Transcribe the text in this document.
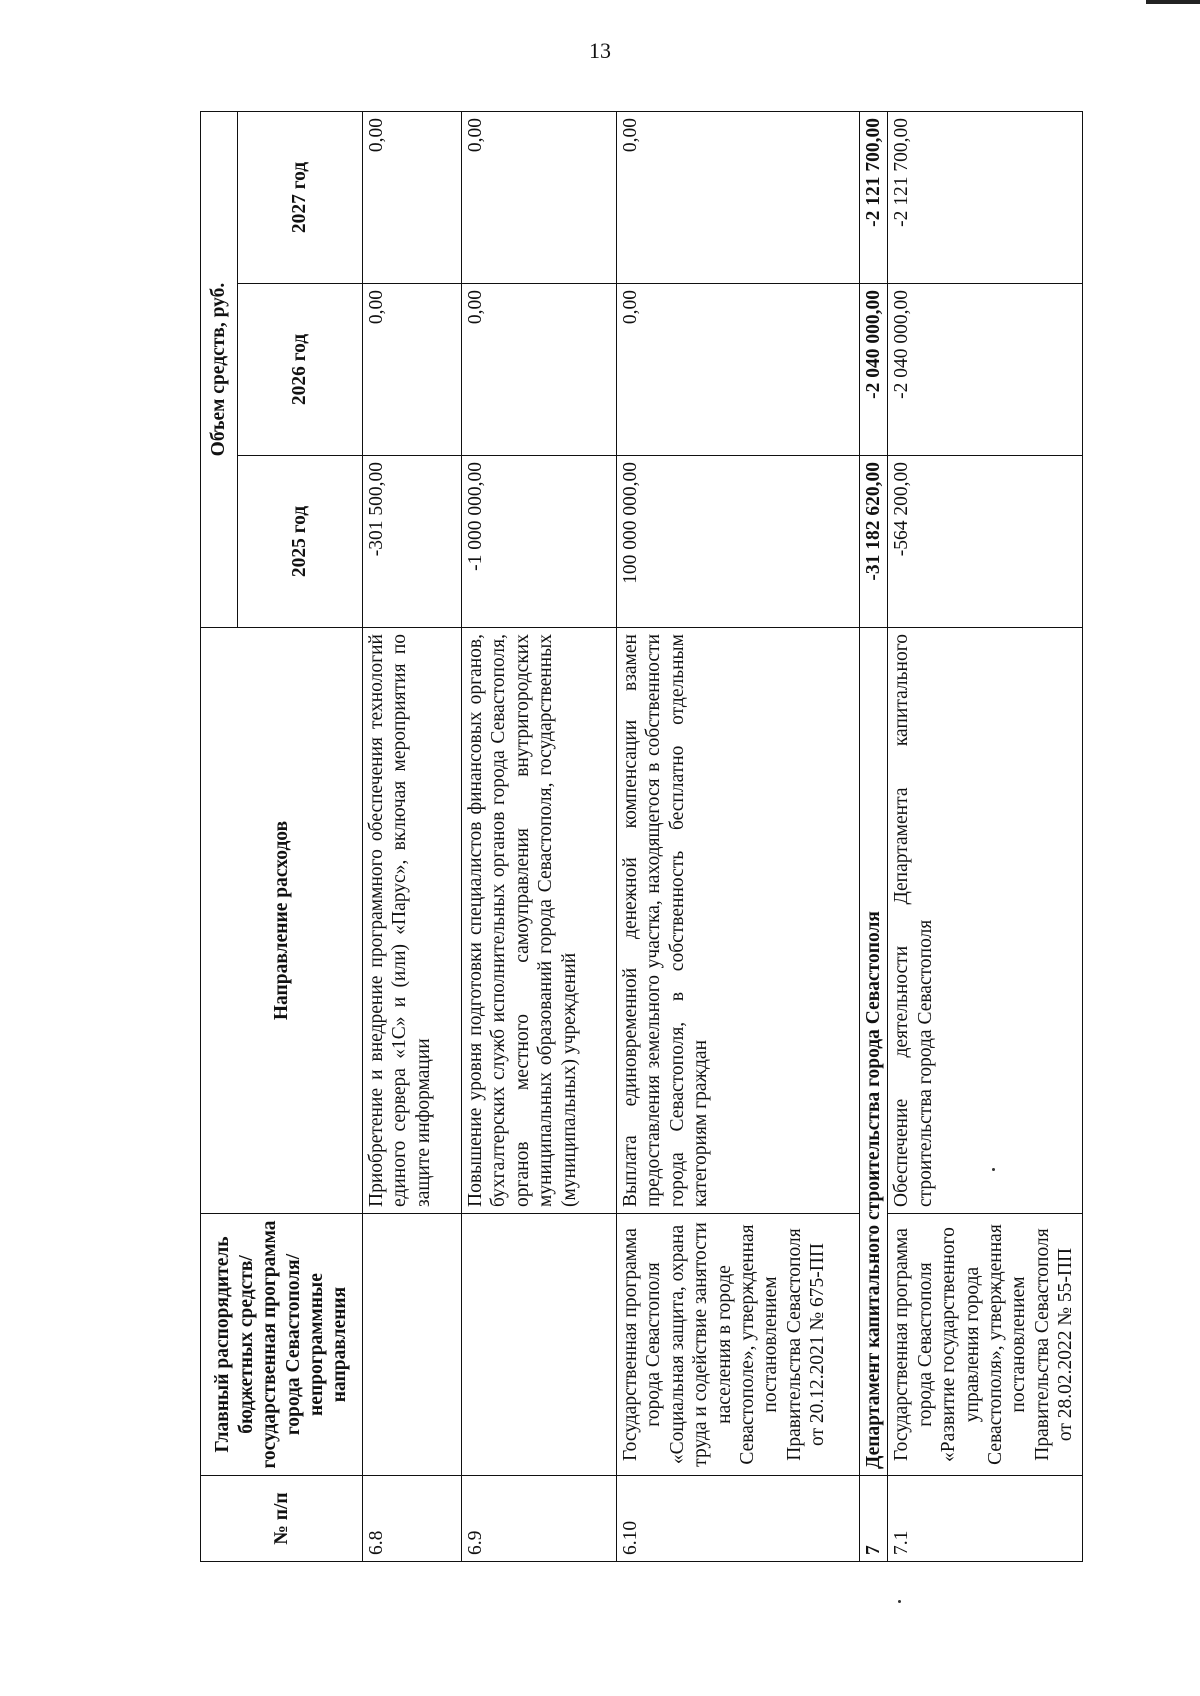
13
№ п/п	Главный распорядитель бюджетных средств/государственная программа города Севастополя/непрограммные направления	Направление расходов	Объем средств, руб.		
			2025 год	2026 год	2027 год
6.8		Приобретение и внедрение программного обеспечения технологий единого сервера «1С» и (или) «Парус», включая мероприятия по защите информации	-301 500,00	0,00	0,00
6.9		Повышение уровня подготовки специалистов финансовых органов, бухгалтерских служб исполнительных органов города Севастополя, органов местного самоуправления внутригородских муниципальных образований города Севастополя, государственных (муниципальных) учреждений	-1 000 000,00	0,00	0,00
6.10	Государственная программа города Севастополя «Социальная защита, охрана труда и содействие занятости населения в городе Севастополе», утвержденная постановлением Правительства Севастополя от 20.12.2021 № 675-ПП	Выплата единовременной денежной компенсации взамен предоставления земельного участка, находящегося в собственности города Севастополя, в собственность бесплатно отдельным категориям граждан	100 000 000,00	0,00	0,00
7	Департамент капитального строительства города Севастополя		-31 182 620,00	-2 040 000,00	-2 121 700,00
7.1	Государственная программа города Севастополя «Развитие государственного управления города Севастополя», утвержденная постановлением Правительства Севастополя от 28.02.2022 № 55-ПП	Обеспечение деятельности Департамента капитального строительства города Севастополя	-564 200,00	-2 040 000,00	-2 121 700,00
